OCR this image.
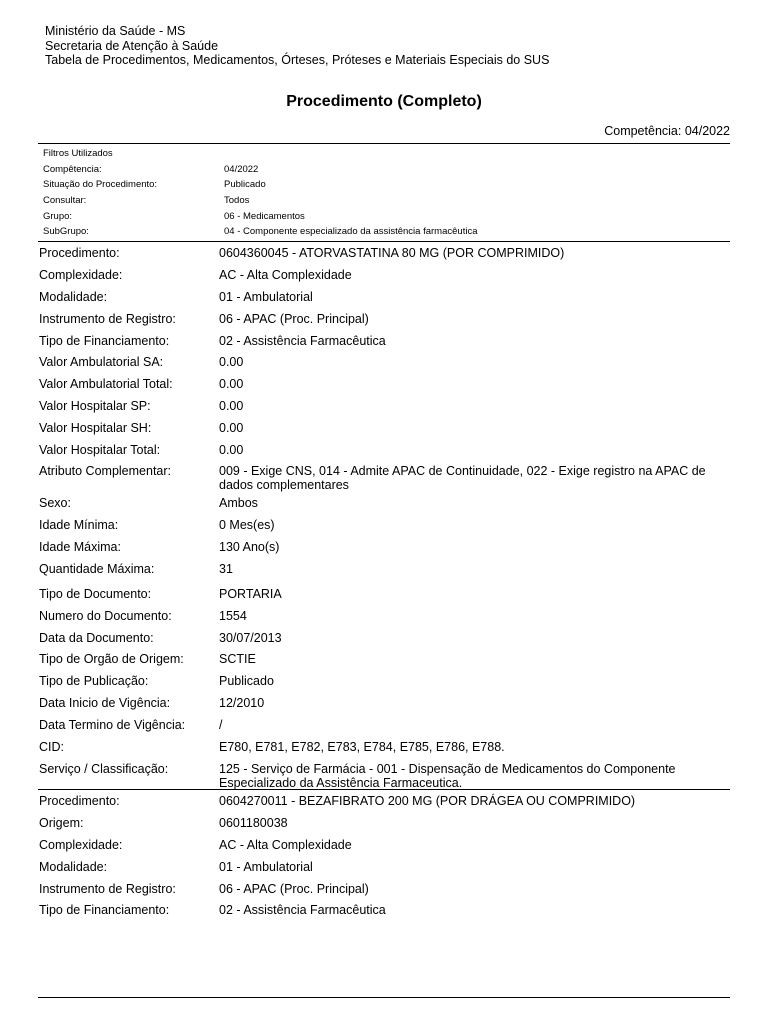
Ministério da Saúde - MS
Secretaria de Atenção à Saúde
Tabela de Procedimentos, Medicamentos, Órteses, Próteses e Materiais Especiais do SUS
Procedimento (Completo)
Competência: 04/2022
Filtros Utilizados
Compêtencia:	04/2022
Situação do Procedimento:	Publicado
Consultar:	Todos
Grupo:	06 - Medicamentos
SubGrupo:	04 - Componente especializado da assistência farmacêutica
Procedimento:	0604360045 - ATORVASTATINA 80 MG (POR COMPRIMIDO)
Complexidade:	AC - Alta Complexidade
Modalidade:	01 - Ambulatorial
Instrumento de Registro:	06 - APAC (Proc. Principal)
Tipo de Financiamento:	02 - Assistência Farmacêutica
Valor Ambulatorial SA:	0.00
Valor Ambulatorial Total:	0.00
Valor Hospitalar SP:	0.00
Valor Hospitalar SH:	0.00
Valor Hospitalar Total:	0.00
Atributo Complementar:	009 - Exige CNS, 014 - Admite APAC de Continuidade, 022 - Exige registro na APAC de dados complementares
Sexo:	Ambos
Idade Mínima:	0 Mes(es)
Idade Máxima:	130 Ano(s)
Quantidade Máxima:	31
Tipo de Documento:	PORTARIA
Numero do Documento:	1554
Data da Documento:	30/07/2013
Tipo de Orgão de Origem:	SCTIE
Tipo de Publicação:	Publicado
Data Inicio de Vigência:	12/2010
Data Termino de Vigência:	/
CID:	E780, E781, E782, E783, E784, E785, E786, E788.
Serviço / Classificação:	125 - Serviço de Farmácia - 001 - Dispensação de Medicamentos do Componente Especializado da Assistência Farmaceutica.
Procedimento:	0604270011 - BEZAFIBRATO 200 MG (POR DRÁGEA OU COMPRIMIDO)
Origem:	0601180038
Complexidade:	AC - Alta Complexidade
Modalidade:	01 - Ambulatorial
Instrumento de Registro:	06 - APAC (Proc. Principal)
Tipo de Financiamento:	02 - Assistência Farmacêutica
